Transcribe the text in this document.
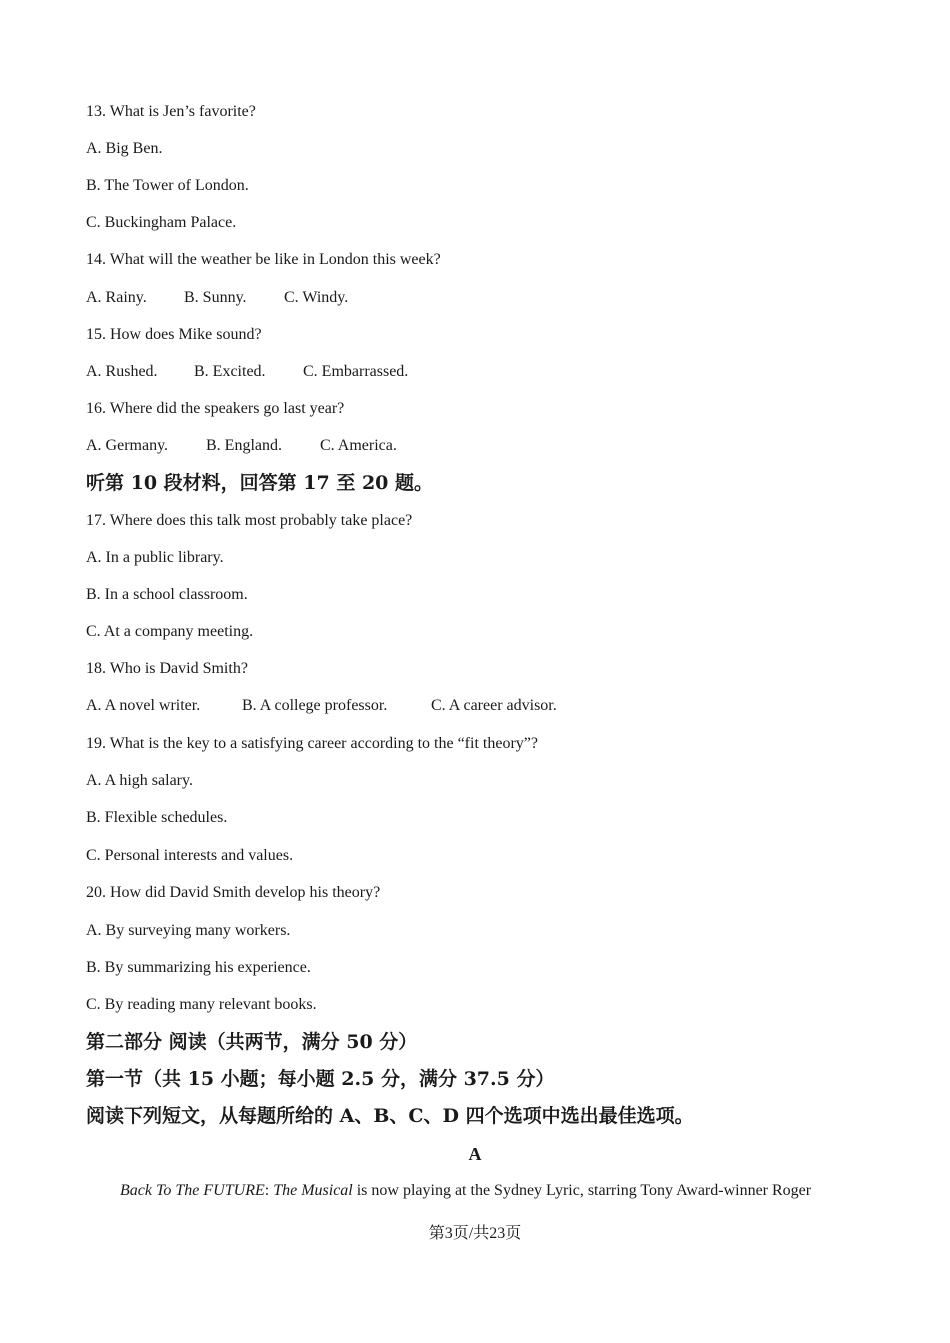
13. What is Jen’s favorite?
A. Big Ben.
B. The Tower of London.
C. Buckingham Palace.
14. What will the weather be like in London this week?
A. Rainy. B. Sunny. C. Windy.
15. How does Mike sound?
A. Rushed. B. Excited. C. Embarrassed.
16. Where did the speakers go last year?
A. Germany. B. England. C. America.
听第 10 段材料，回答第 17 至 20 题。
17. Where does this talk most probably take place?
A. In a public library.
B. In a school classroom.
C. At a company meeting.
18. Who is David Smith?
A. A novel writer.	B. A college professor.	C. A career advisor.
19. What is the key to a satisfying career according to the “fit theory”?
A. A high salary.
B. Flexible schedules.
C. Personal interests and values.
20. How did David Smith develop his theory?
A. By surveying many workers.
B. By summarizing his experience.
C. By reading many relevant books.
第二部分 阅读（共两节，满分 50 分）
第一节（共 15 小题；每小题 2.5 分，满分 37.5 分）
阅读下列短文，从每题所给的 A、B、C、D 四个选项中选出最佳选项。
A
Back To The FUTURE: The Musical is now playing at the Sydney Lyric, starring Tony Award-winner Roger
第3页/共23页
